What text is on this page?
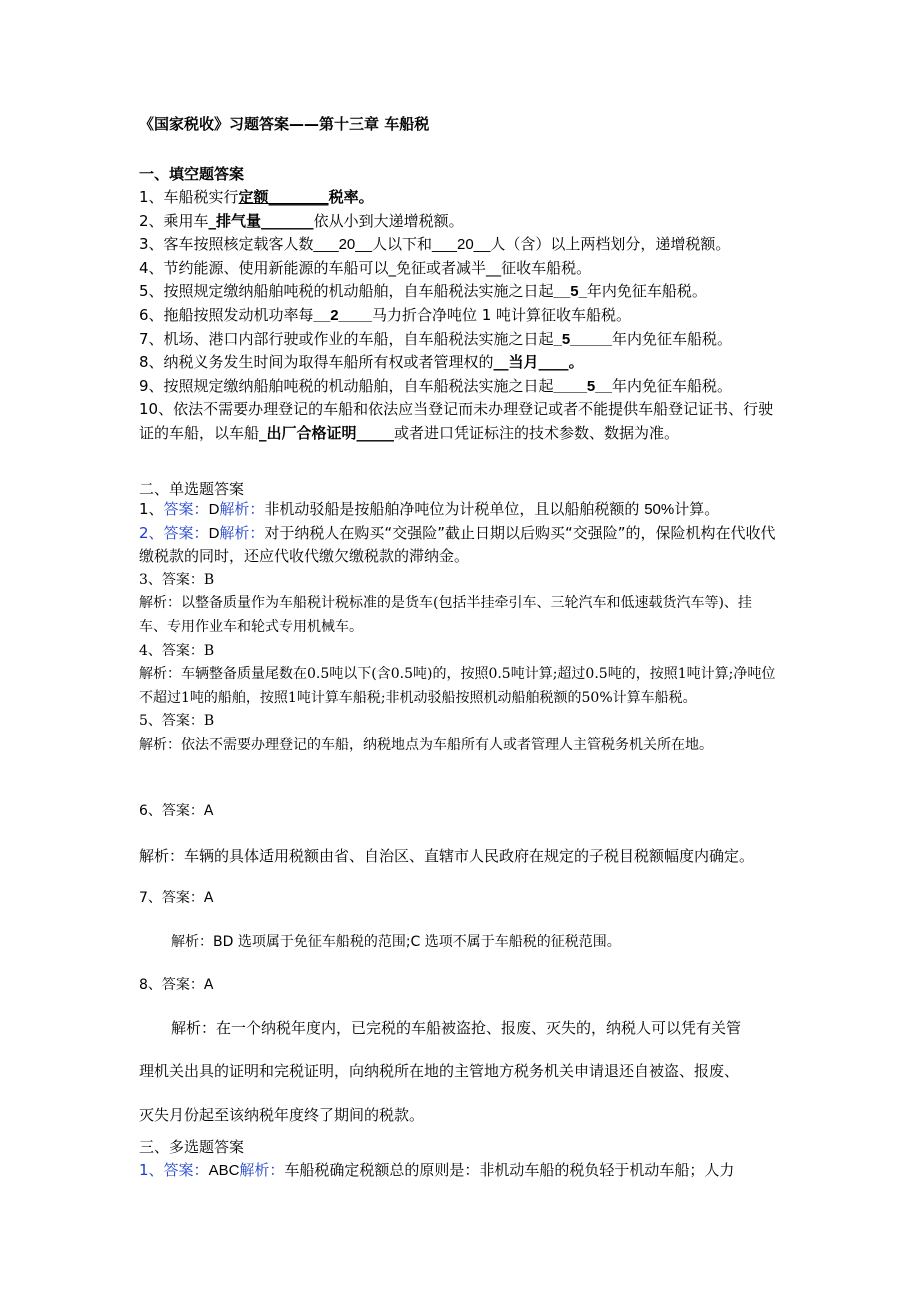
《国家税收》习题答案——第十三章 车船税
一、填空题答案

1、车船税实行定额________税率。

2、乘用车_排气量_______依从小到大递增税额。

3、客车按照核定载客人数___20__人以下和___20__人（含）以上两档划分，递增税额。

4、节约能源、使用新能源的车船可以_免征或者减半__征收车船税。

5、按照规定缴纳船舶吨税的机动船舶，自车船税法实施之日起__5_年内免征车船税。

6、拖船按照发动机功率每__2____马力折合净吨位 1 吨计算征收车船税。

7、机场、港口内部行驶或作业的车船，自车船税法实施之日起_5_____年内免征车船税。

8、纳税义务发生时间为取得车船所有权或者管理权的__当月____。

9、按照规定缴纳船舶吨税的机动船舶，自车船税法实施之日起____5__年内免征车船税。

10、依法不需要办理登记的车船和依法应当登记而未办理登记或者不能提供车船登记证书、行驶证的车船，以车船_出厂合格证明_____或者进口凭证标注的技术参数、数据为准。

二、单选题答案

1、答案：D解析：非机动驳船是按船舶净吨位为计税单位，且以船舶税额的 50%计算。

2、答案：D解析：对于纳税人在购买“交强险”截止日期以后购买“交强险”的，保险机构在代收代缴税款的同时，还应代收代缴欠缴税款的滞纳金。

3、答案：B

解析：以整备质量作为车船税计税标准的是货车(包括半挂牵引车、三轮汽车和低速载货汽车等)、挂车、专用作业车和轮式专用机械车。

4、答案：B

解析：车辆整备质量尾数在0.5吨以下(含0.5吨)的，按照0.5吨计算;超过0.5吨的，按照1吨计算;净吨位不超过1吨的船舶，按照1吨计算车船税;非机动驳船按照机动船舶税额的50%计算车船税。

5、答案：B

解析：依法不需要办理登记的车船，纳税地点为车船所有人或者管理人主管税务机关所在地。

6、答案：A
解析：车辆的具体适用税额由省、自治区、直辖市人民政府在规定的子税目税额幅度内确定。
7、答案：A
解析：BD 选项属于免征车船税的范围;C 选项不属于车船税的征税范围。
8、答案：A
解析：在一个纳税年度内，已完税的车船被盗抢、报废、灭失的，纳税人可以凭有关管
理机关出具的证明和完税证明，向纳税所在地的主管地方税务机关申请退还自被盗、报废、
灭失月份起至该纳税年度终了期间的税款。
三、多选题答案
1、答案：ABC解析：车船税确定税额总的原则是：非机动车船的税负轻于机动车船；人力
